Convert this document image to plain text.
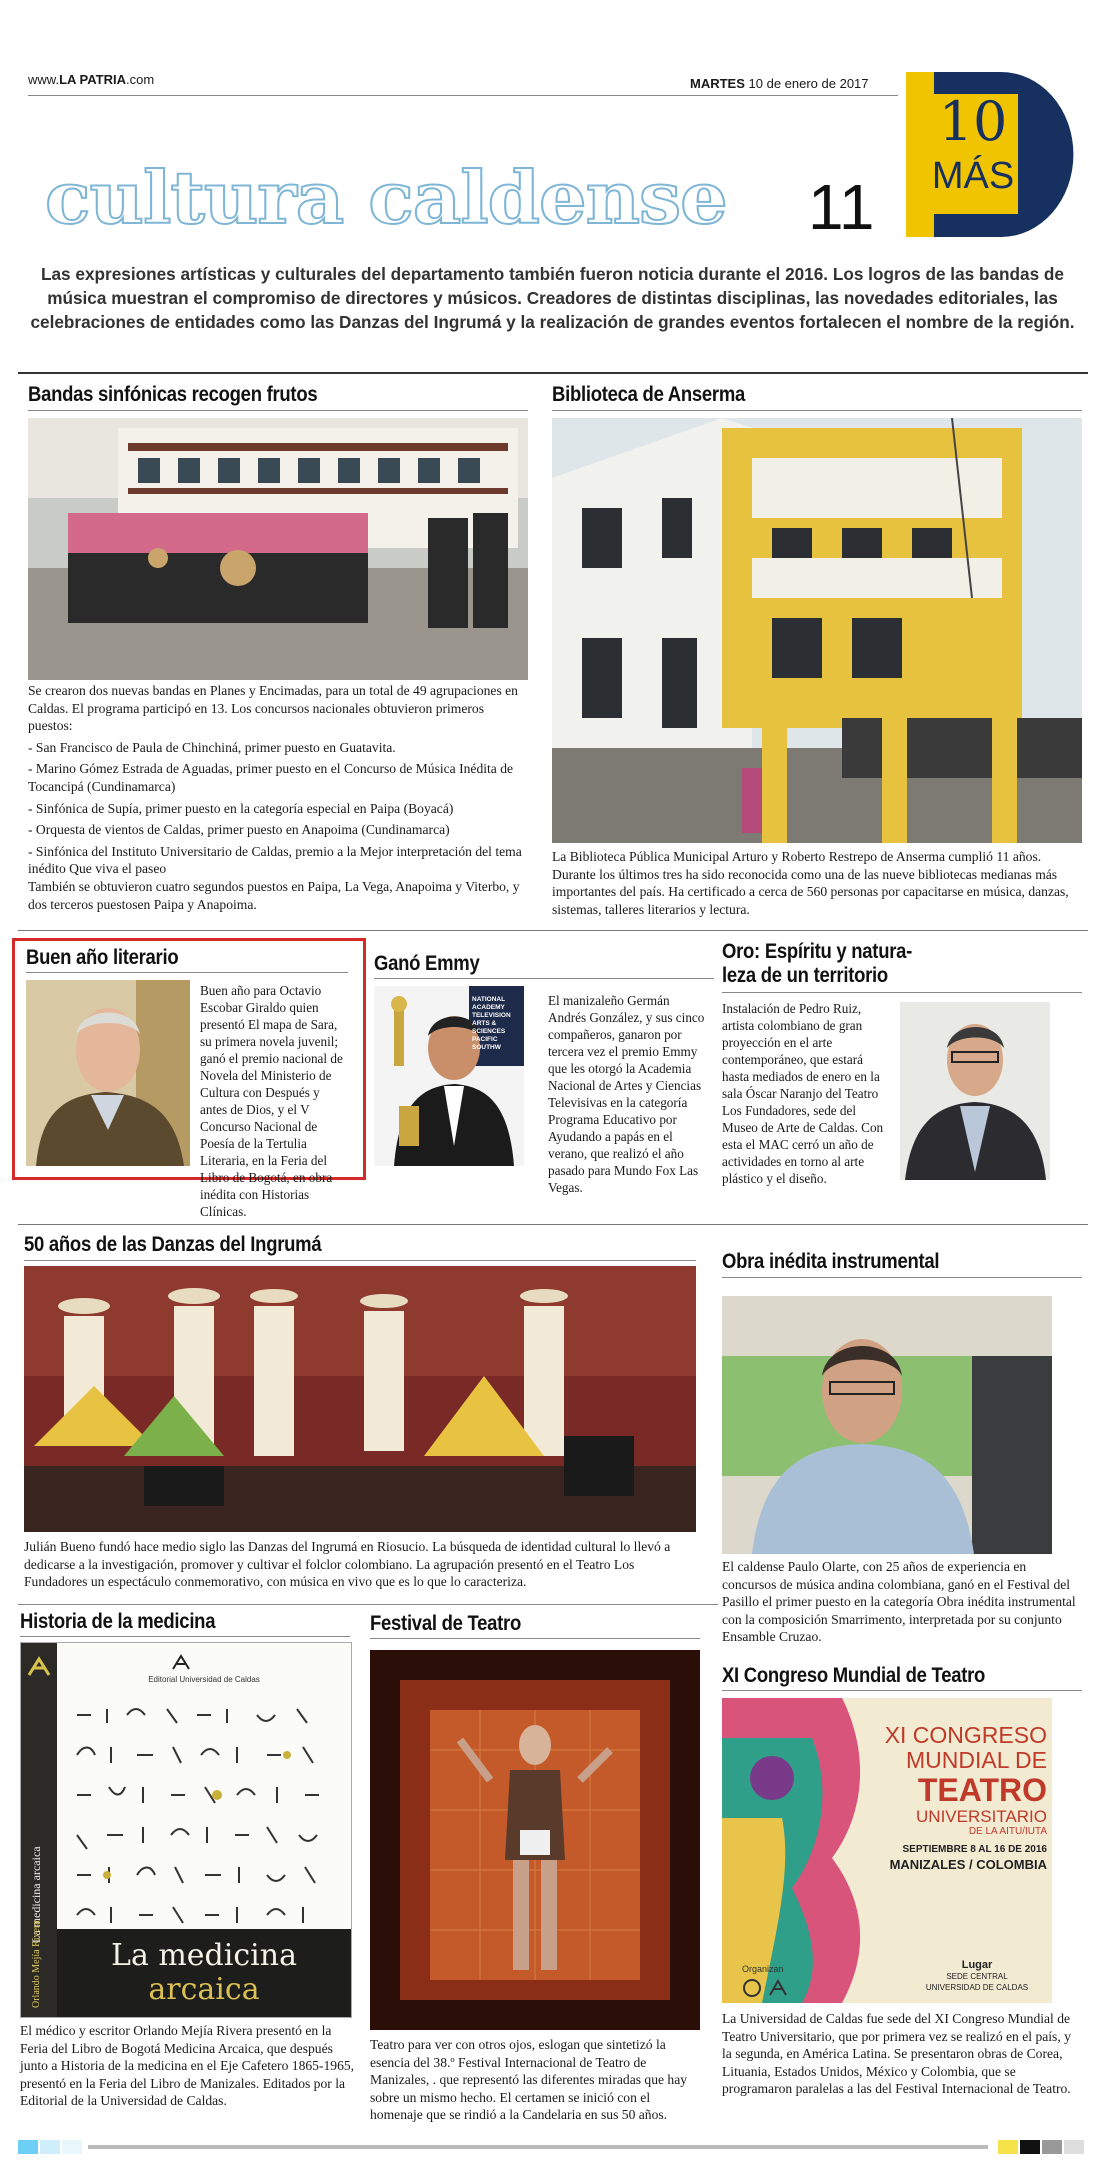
www.LA PATRIA.com	MARTES 10 de enero de 2017
cultura caldense 11
10
MÁS
Las expresiones artísticas y culturales del departamento también fueron noticia durante el 2016. Los logros de las bandas de música muestran el compromiso de directores y músicos. Creadores de distintas disciplinas, las novedades editoriales, las celebraciones de entidades como las Danzas del Ingrumá y la realización de grandes eventos fortalecen el nombre de la región.
Bandas sinfónicas recogen frutos

Se crearon dos nuevas bandas en Planes y Encimadas, para un total de 49 agrupaciones en Caldas. El programa participó en 13. Los concursos nacionales obtuvieron primeros puestos:

- San Francisco de Paula de Chinchiná, primer puesto en Guatavita.

- Marino Gómez Estrada de Aguadas, primer puesto en el Concurso de Música Inédita de Tocancipá (Cundinamarca)

- Sinfónica de Supía, primer puesto en la categoría especial en Paipa (Boyacá)

- Orquesta de vientos de Caldas, primer puesto en Anapoima (Cundinamarca)

- Sinfónica del Instituto Universitario de Caldas, premio a la Mejor interpretación del tema inédito Que viva el paseo

También se obtuvieron cuatro segundos puestos en Paipa, La Vega, Anapoima y Viterbo, y dos terceros puestosen Paipa y Anapoima.

Biblioteca de Anserma
La Biblioteca Pública Municipal Arturo y Roberto Restrepo de Anserma cumplió 11 años. Durante los últimos tres ha sido reconocida como una de las nueve bibliotecas medianas más importantes del país. Ha certificado a cerca de 560 personas por capacitarse en música, danzas, sistemas, talleres literarios y lectura.
Buen año literario
Buen año para Octavio Escobar Giraldo quien presentó El mapa de Sara, su primera novela juvenil; ganó el premio nacional de Novela del Ministerio de Cultura con Después y antes de Dios, y el V Concurso Nacional de Poesía de la Tertulia Literaria, en la Feria del Libro de Bogotá, en obra inédita con Historias Clínicas.
Ganó Emmy
NATIONAL
ACADEMY
TELEVISION
ARTS & SCIENCES
PACIFIC SOUTHW
El manizaleño Germán Andrés González, y sus cinco compañeros, ganaron por tercera vez el premio Emmy que les otorgó la Academia Nacional de Artes y Ciencias Televisivas en la categoría Programa Educativo por Ayudando a papás en el verano, que realizó el año pasado para Mundo Fox Las Vegas.
Oro: Espíritu y natura-
leza de un territorio
Instalación de Pedro Ruiz, artista colombiano de gran proyección en el arte contemporáneo, que estará hasta mediados de enero en la sala Óscar Naranjo del Teatro Los Fundadores, sede del Museo de Arte de Caldas. Con esta el MAC cerró un año de actividades en torno al arte plástico y el diseño.
50 años de las Danzas del Ingrumá
Julián Bueno fundó hace medio siglo las Danzas del Ingrumá en Riosucio. La búsqueda de identidad cultural lo llevó a dedicarse a la investigación, promover y cultivar el folclor colombiano. La agrupación presentó en el Teatro Los Fundadores un espectáculo conmemorativo, con música en vivo que es lo que lo caracteriza.
Obra inédita instrumental
El caldense Paulo Olarte, con 25 años de experiencia en concursos de música andina colombiana, ganó en el Festival del Pasillo el primer puesto en la categoría Obra inédita instrumental con la composición Smarrimento, interpretada por su conjunto Ensamble Cruzao.
Historia de la medicina
La medicina arcaica
Orlando Mejía Rivera
Editorial Universidad de Caldas
La medicina
arcaica
El médico y escritor Orlando Mejía Rivera presentó en la Feria del Libro de Bogotá Medicina Arcaica, que después junto a Historia de la medicina en el Eje Cafetero 1865-1965, presentó en la Feria del Libro de Manizales. Editados por la Editorial de la Universidad de Caldas.
Festival de Teatro
Teatro para ver con otros ojos, eslogan que sintetizó la esencia del 38.º Festival Internacional de Teatro de Manizales, . que representó las diferentes miradas que hay sobre un mismo hecho. El certamen se inició con el homenaje que se rindió a la Candelaria en sus 50 años.
XI Congreso Mundial de Teatro
XI CONGRESO
MUNDIAL DE
TEATRO
UNIVERSITARIO
DE LA AITU/IUTA
SEPTIEMBRE 8 AL 16 DE 2016
MANIZALES / COLOMBIA
Organizan	Lugar
SEDE CENTRAL
UNIVERSIDAD DE CALDAS
La Universidad de Caldas fue sede del XI Congreso Mundial de Teatro Universitario, que por primera vez se realizó en el país, y la segunda, en América Latina. Se presentaron obras de Corea, Lituania, Estados Unidos, México y Colombia, que se programaron paralelas a las del Festival Internacional de Teatro.
